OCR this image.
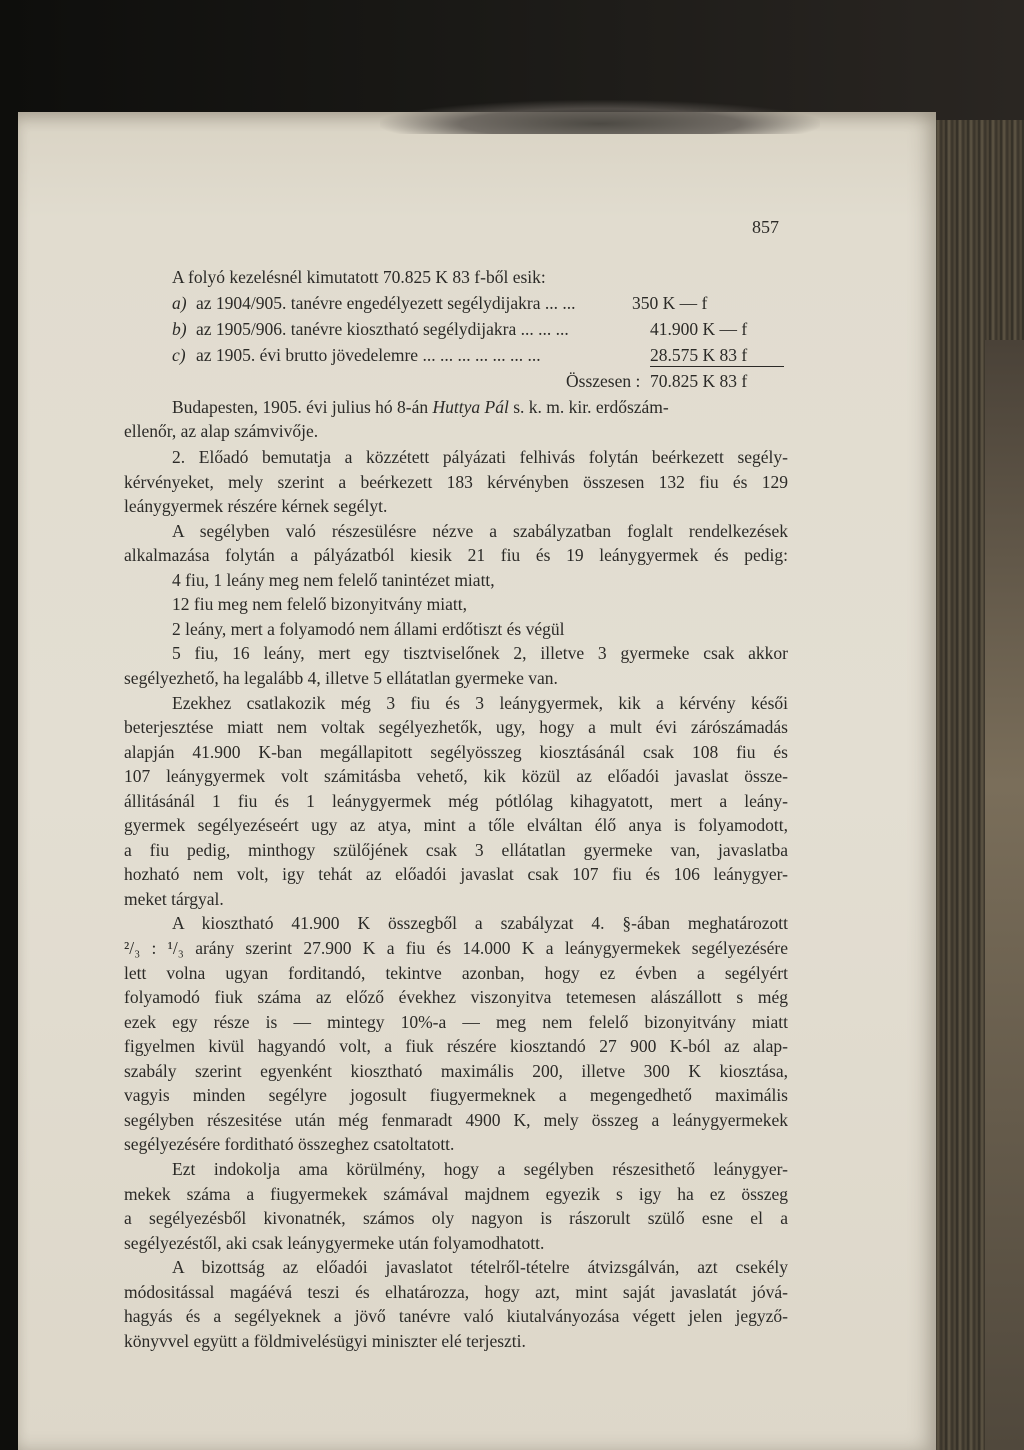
857
A folyó kezelésnél kimutatott 70.825 K 83 f-ből esik:
a) az 1904/905. tanévre engedélyezett segélydijakra ... ...	350 K — f
b) az 1905/906. tanévre kiosztható segélydijakra ... ... ...	41.900 K — f
c) az 1905. évi brutto jövedelemre ... ... ... ... ... ... ...	28.575 K 83 f
Összesen : 70.825 K 83 f
Budapesten, 1905. évi julius hó 8-án Huttya Pál s. k. m. kir. erdőszám-
ellenőr, az alap számvivője.
2. Előadó bemutatja a közzétett pályázati felhivás folytán beérkezett segély-
kérvényeket, mely szerint a beérkezett 183 kérvényben összesen 132 fiu és 129
leánygyermek részére kérnek segélyt.
A segélyben való részesülésre nézve a szabályzatban foglalt rendelkezések
alkalmazása folytán a pályázatból kiesik 21 fiu és 19 leánygyermek és pedig:
4 fiu, 1 leány meg nem felelő tanintézet miatt,
12 fiu meg nem felelő bizonyitvány miatt,
2 leány, mert a folyamodó nem állami erdőtiszt és végül
5 fiu, 16 leány, mert egy tisztviselőnek 2, illetve 3 gyermeke csak akkor
segélyezhető, ha legalább 4, illetve 5 ellátatlan gyermeke van.
Ezekhez csatlakozik még 3 fiu és 3 leánygyermek, kik a kérvény késői
beterjesztése miatt nem voltak segélyezhetők, ugy, hogy a mult évi zárószámadás
alapján 41.900 K-ban megállapitott segélyösszeg kiosztásánál csak 108 fiu és
107 leánygyermek volt számitásba vehető, kik közül az előadói javaslat össze-
állitásánál 1 fiu és 1 leánygyermek még pótlólag kihagyatott, mert a leány-
gyermek segélyezéseért ugy az atya, mint a tőle elváltan élő anya is folyamodott,
a fiu pedig, minthogy szülőjének csak 3 ellátatlan gyermeke van, javaslatba
hozható nem volt, igy tehát az előadói javaslat csak 107 fiu és 106 leánygyer-
meket tárgyal.
A kiosztható 41.900 K összegből a szabályzat 4. §-ában meghatározott
²/₃ : ¹/₃ arány szerint 27.900 K a fiu és 14.000 K a leánygyermekek segélyezésére
lett volna ugyan forditandó, tekintve azonban, hogy ez évben a segélyért
folyamodó fiuk száma az előző évekhez viszonyitva tetemesen alászállott s még
ezek egy része is — mintegy 10%-a — meg nem felelő bizonyitvány miatt
figyelmen kivül hagyandó volt, a fiuk részére kiosztandó 27 900 K-ból az alap-
szabály szerint egyenként kiosztható maximális 200, illetve 300 K kiosztása,
vagyis minden segélyre jogosult fiugyermeknek a megengedhető maximális
segélyben részesitése után még fenmaradt 4900 K, mely összeg a leánygyermekek
segélyezésére forditható összeghez csatoltatott.
Ezt indokolja ama körülmény, hogy a segélyben részesithető leánygyer-
mekek száma a fiugyermekek számával majdnem egyezik s igy ha ez összeg
a segélyezésből kivonatnék, számos oly nagyon is rászorult szülő esne el a
segélyezéstől, aki csak leánygyermeke után folyamodhatott.
A bizottság az előadói javaslatot tételről-tételre átvizsgálván, azt csekély
módositással magáévá teszi és elhatározza, hogy azt, mint saját javaslatát jóvá-
hagyás és a segélyeknek a jövő tanévre való kiutalványozása végett jelen jegyző-
könyvvel együtt a földmivelésügyi miniszter elé terjeszti.
